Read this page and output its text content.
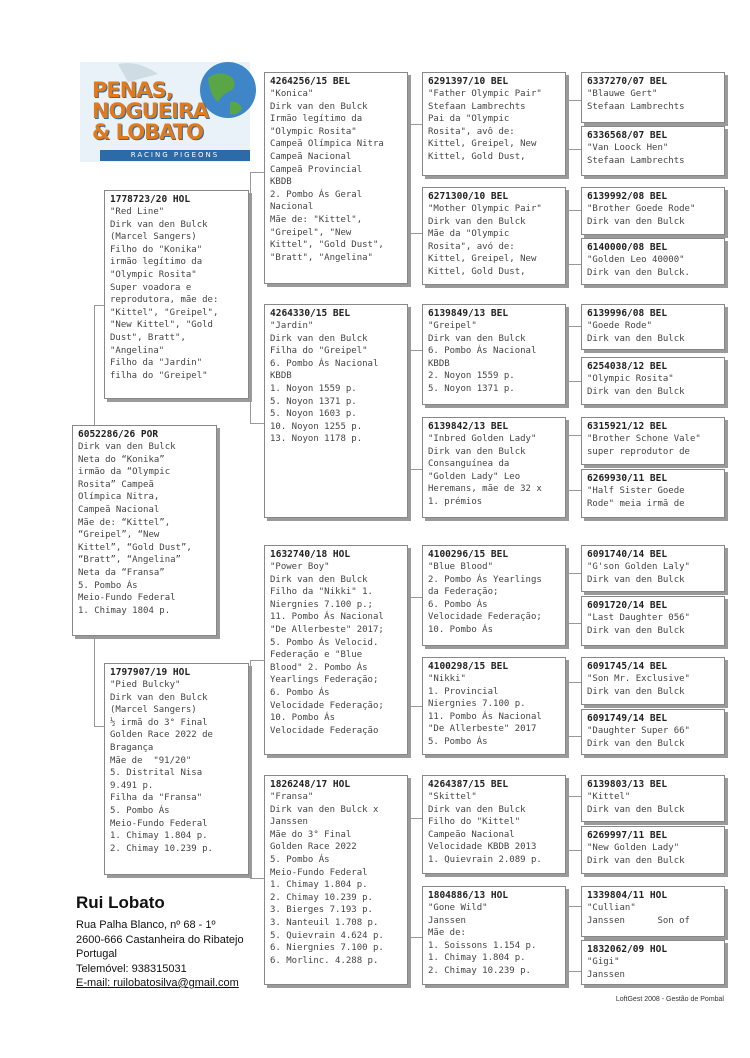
PENAS,
NOGUEIRA
& LOBATO
RACING PIGEONS
6052286/26 POR
Dirk van den Bulck
Neta do “Konika”
irmão da “Olympic
Rosita” Campeã
Olímpica Nitra,
Campeã Nacional
Mãe de: “Kittel”,
“Greipel”, “New
Kittel”, “Gold Dust”,
“Bratt”, “Angelina”
Neta da “Fransa”
5. Pombo Ás
Meio-Fundo Federal
1. Chimay 1804 p.
1778723/20 HOL
"Red Line"
Dirk van den Bulck
(Marcel Sangers)
Filho do "Konika"
irmão legítimo da
"Olympic Rosita"
Super voadora e
reprodutora, mãe de:
"Kittel", "Greipel",
"New Kittel", "Gold
Dust", Bratt",
"Angelina"
Filho da "Jardin"
filha do "Greipel"
1797907/19 HOL
"Pied Bulcky"
Dirk van den Bulck
(Marcel Sangers)
½ irmã do 3° Final
Golden Race 2022 de
Bragança
Mãe de  "91/20"
5. Distrital Nisa
9.491 p.
Filha da "Fransa"
5. Pombo Ás
Meio-Fundo Federal
1. Chimay 1.804 p.
2. Chimay 10.239 p.
4264256/15 BEL
"Konica"
Dirk van den Bulck
Irmão legítimo da
"Olympic Rosita"
Campeã Olímpica Nitra
Campeã Nacional
Campeã Provincial
KBDB
2. Pombo Ás Geral
Nacional
Mãe de: "Kittel",
"Greipel", "New
Kittel", "Gold Dust",
"Bratt", "Angelina"
4264330/15 BEL
"Jardin"
Dirk van den Bulck
Filha do "Greipel"
6. Pombo Ás Nacional
KBDB
1. Noyon 1559 p.
5. Noyon 1371 p.
5. Noyon 1603 p.
10. Noyon 1255 p.
13. Noyon 1178 p.
1632740/18 HOL
"Power Boy"
Dirk van den Bulck
Filho da "Nikki" 1.
Niergnies 7.100 p.;
11. Pombo Ás Nacional
"De Allerbeste" 2017;
5. Pombo Ás Velocid.
Federação e "Blue
Blood" 2. Pombo Ás
Yearlings Federação;
6. Pombo Ás
Velocidade Federação;
10. Pombo Ás
Velocidade Federação
1826248/17 HOL
"Fransa"
Dirk van den Bulck x
Janssen
Mãe do 3° Final
Golden Race 2022
5. Pombo Ás
Meio-Fundo Federal
1. Chimay 1.804 p.
2. Chimay 10.239 p.
3. Bierges 7.193 p.
3. Nanteuil 1.708 p.
5. Quievrain 4.624 p.
6. Niergnies 7.100 p.
6. Morlinc. 4.288 p.
6291397/10 BEL
"Father Olympic Pair"
Stefaan Lambrechts
Pai da "Olympic
Rosita", avô de:
Kittel, Greipel, New
Kittel, Gold Dust,
6271300/10 BEL
"Mother Olympic Pair"
Dirk van den Bulck
Mãe da "Olympic
Rosita", avó de:
Kittel, Greipel, New
Kittel, Gold Dust,
6139849/13 BEL
"Greipel"
Dirk van den Bulck
6. Pombo Ás Nacional
KBDB
2. Noyon 1559 p.
5. Noyon 1371 p.
6139842/13 BEL
"Inbred Golden Lady"
Dirk van den Bulck
Consanguínea da
"Golden Lady" Leo
Heremans, mãe de 32 x
1. prémios
4100296/15 BEL
"Blue Blood"
2. Pombo Ás Yearlings
da Federação;
6. Pombo Ás
Velocidade Federação;
10. Pombo Ás
4100298/15 BEL
"Nikki"
1. Provincial
Niergnies 7.100 p.
11. Pombo Ás Nacional
"De Allerbeste" 2017
5. Pombo Ás
4264387/15 BEL
"Skittel"
Dirk van den Bulck
Filho do "Kittel"
Campeão Nacional
Velocidade KBDB 2013
1. Quievrain 2.089 p.
1804886/13 HOL
"Gone Wild"
Janssen
Mãe de:
1. Soissons 1.154 p.
1. Chimay 1.804 p.
2. Chimay 10.239 p.
6337270/07 BEL
"Blauwe Gert"
Stefaan Lambrechts
6336568/07 BEL
"Van Loock Hen"
Stefaan Lambrechts
6139992/08 BEL
"Brother Goede Rode"
Dirk van den Bulck
6140000/08 BEL
"Golden Leo 40000"
Dirk van den Bulck.
6139996/08 BEL
"Goede Rode"
Dirk van den Bulck
6254038/12 BEL
"Olympic Rosita"
Dirk van den Bulck
6315921/12 BEL
"Brother Schone Vale"
super reprodutor de
6269930/11 BEL
"Half Sister Goede
Rode" meia irmã de
6091740/14 BEL
"G'son Golden Laly"
Dirk van den Bulck
6091720/14 BEL
"Last Daughter 056"
Dirk van den Bulck
6091745/14 BEL
"Son Mr. Exclusive"
Dirk van den Bulck
6091749/14 BEL
"Daughter Super 66"
Dirk van den Bulck
6139803/13 BEL
"Kittel"
Dirk van den Bulck
6269997/11 BEL
"New Golden Lady"
Dirk van den Bulck
1339804/11 HOL
"Cullian"
Janssen      Son of
1832062/09 HOL
"Gigi"
Janssen
Rui Lobato
Rua Palha Blanco, nº 68 - 1º
2600-666 Castanheira do Ribatejo
Portugal
Telemóvel: 938315031
E-mail: ruilobatosilva@gmail.com
LoftGest 2008 - Gestão de Pombal
